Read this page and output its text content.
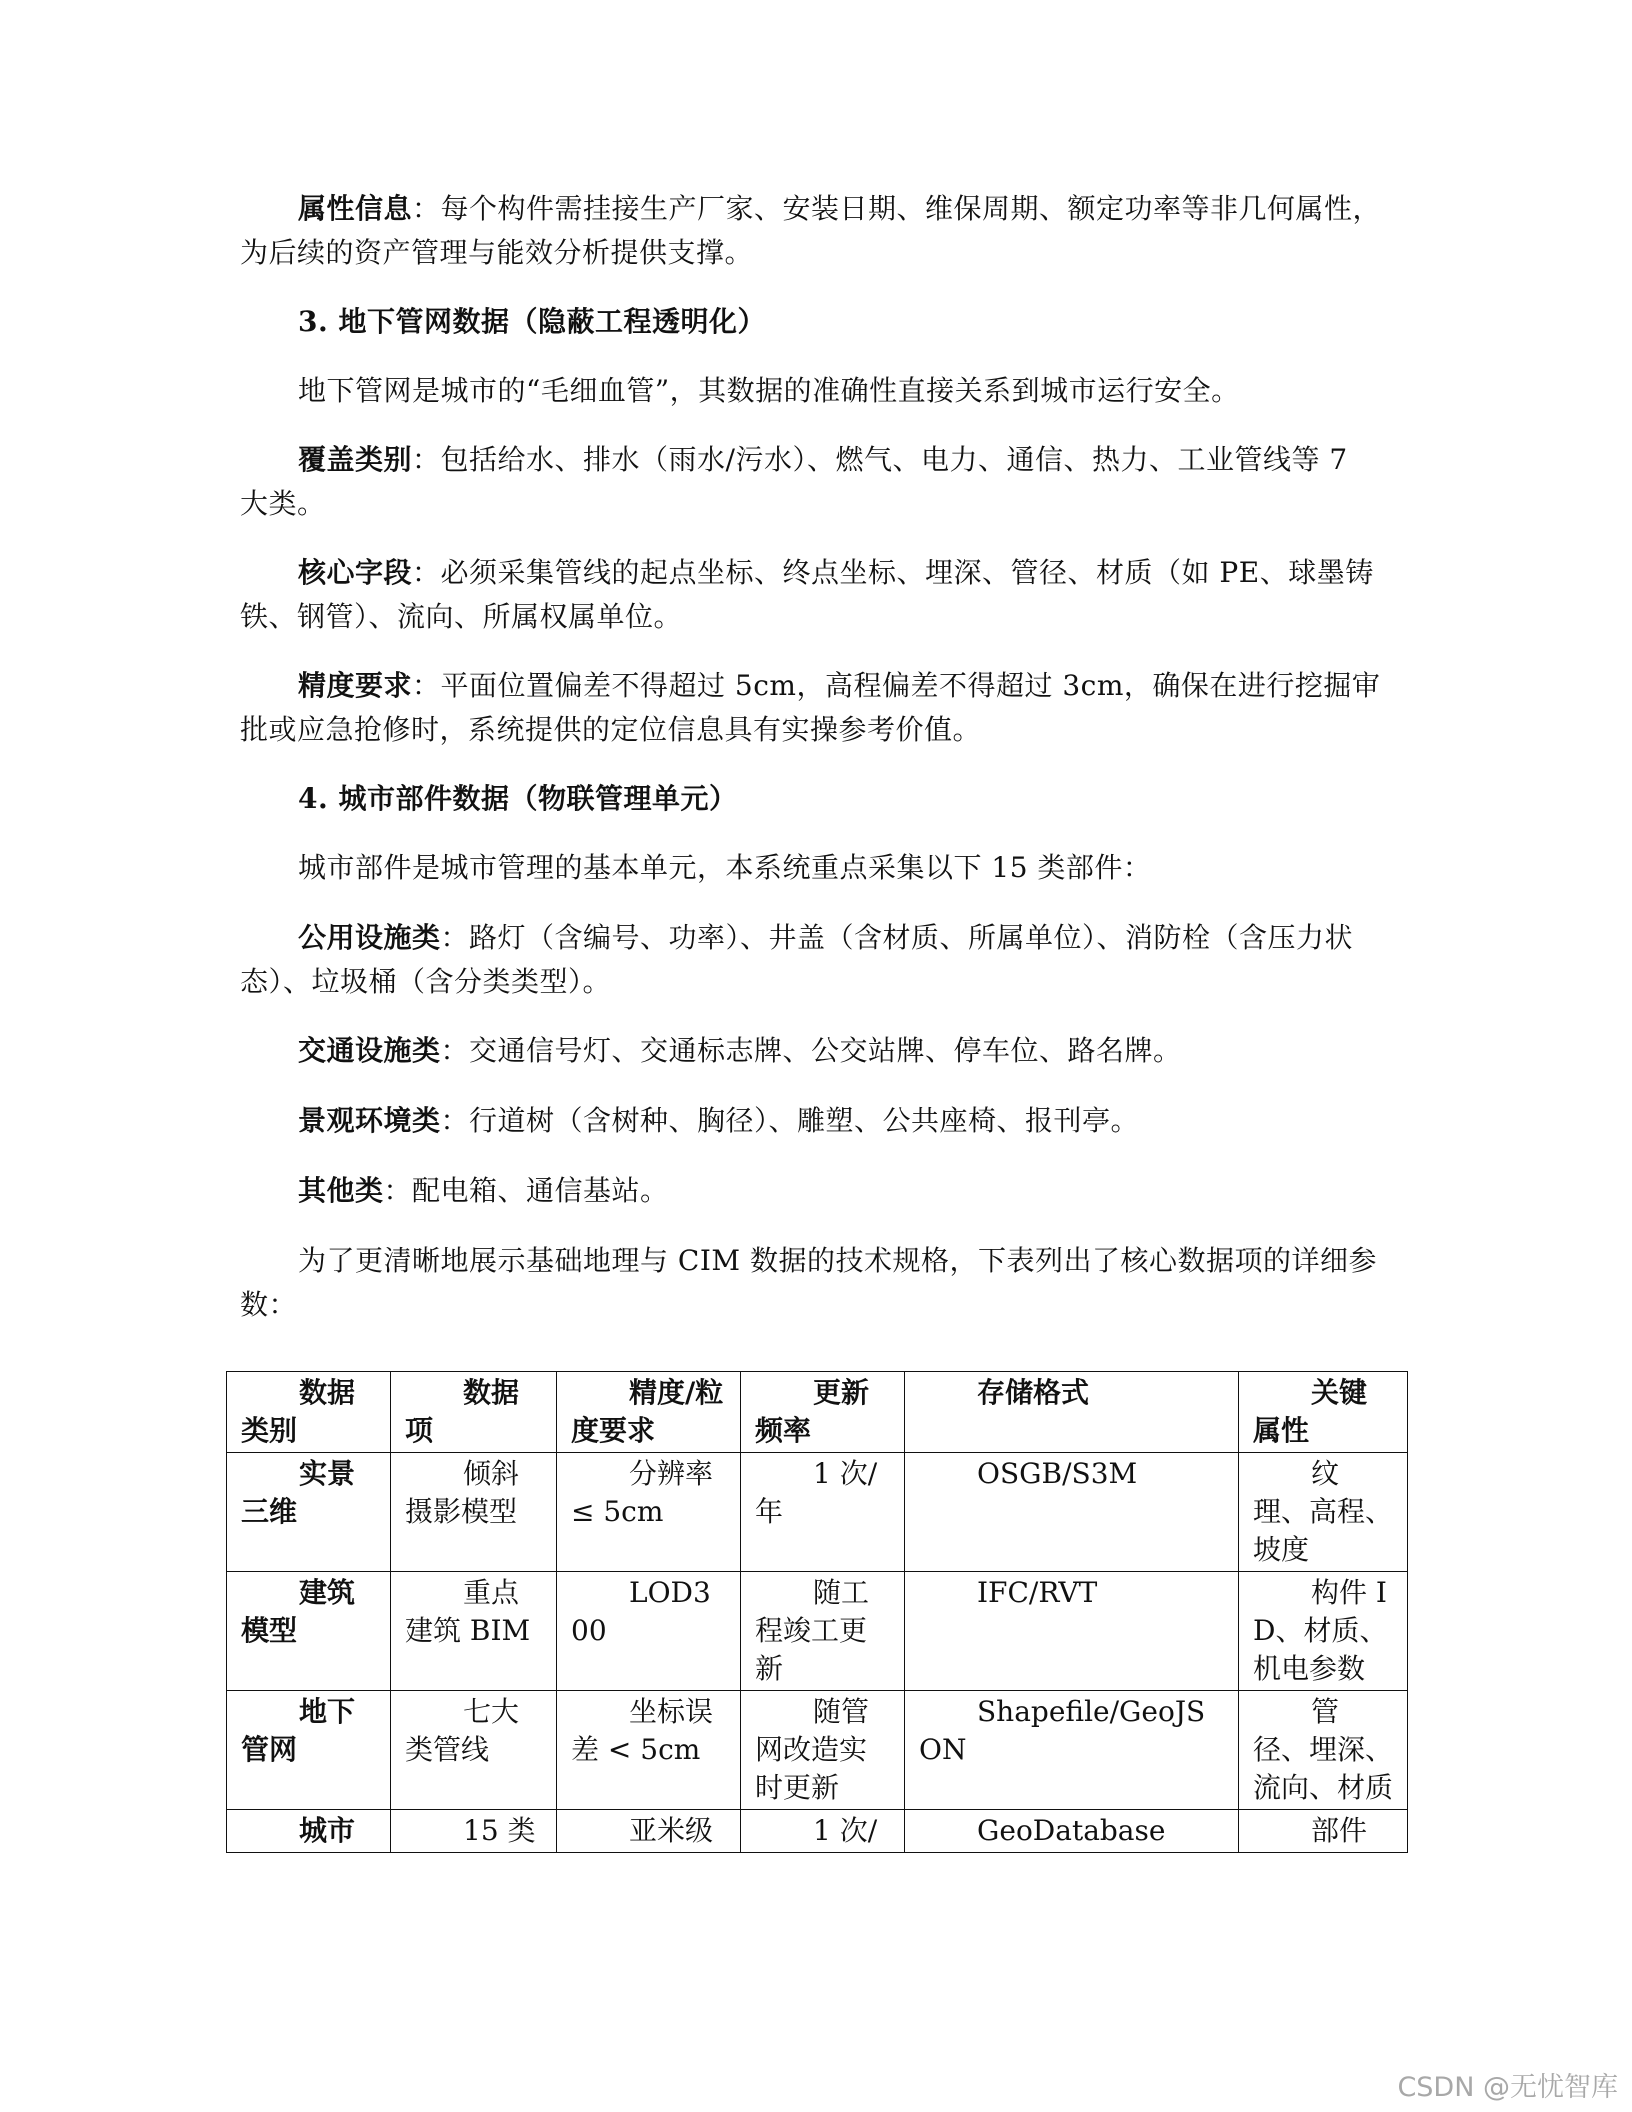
属性信息：每个构件需挂接生产厂家、安装日期、维保周期、额定功率等非几何属性，为后续的资产管理与能效分析提供支撑。

3. 地下管网数据（隐蔽工程透明化）

地下管网是城市的“毛细血管”，其数据的准确性直接关系到城市运行安全。

覆盖类别：包括给水、排水（雨水/污水）、燃气、电力、通信、热力、工业管线等 7 大类。

核心字段：必须采集管线的起点坐标、终点坐标、埋深、管径、材质（如 PE、球墨铸铁、钢管）、流向、所属权属单位。

精度要求：平面位置偏差不得超过 5cm，高程偏差不得超过 3cm，确保在进行挖掘审批或应急抢修时，系统提供的定位信息具有实操参考价值。

4. 城市部件数据（物联管理单元）

城市部件是城市管理的基本单元，本系统重点采集以下 15 类部件：

公用设施类：路灯（含编号、功率）、井盖（含材质、所属单位）、消防栓（含压力状态）、垃圾桶（含分类类型）。

交通设施类：交通信号灯、交通标志牌、公交站牌、停车位、路名牌。

景观环境类：行道树（含树种、胸径）、雕塑、公共座椅、报刊亭。

其他类：配电箱、通信基站。

为了更清晰地展示基础地理与 CIM 数据的技术规格，下表列出了核心数据项的详细参数：

数据类别	数据项	精度/粒度要求	更新频率	存储格式	关键属性
实景三维	倾斜摄影模型	分辨率 ≤ 5cm	1 次/年	OSGB/S3M	纹理、高程、坡度
建筑模型	重点建筑 BIM	LOD300	随工程竣工更新	IFC/RVT	构件 ID、材质、机电参数
地下管网	七大类管线	坐标误差 < 5cm	随管网改造实时更新	Shapefile/GeoJSON	管径、埋深、流向、材质
城市	15 类	亚米级	1 次/	GeoDatabase	部件
CSDN @无忧智库
